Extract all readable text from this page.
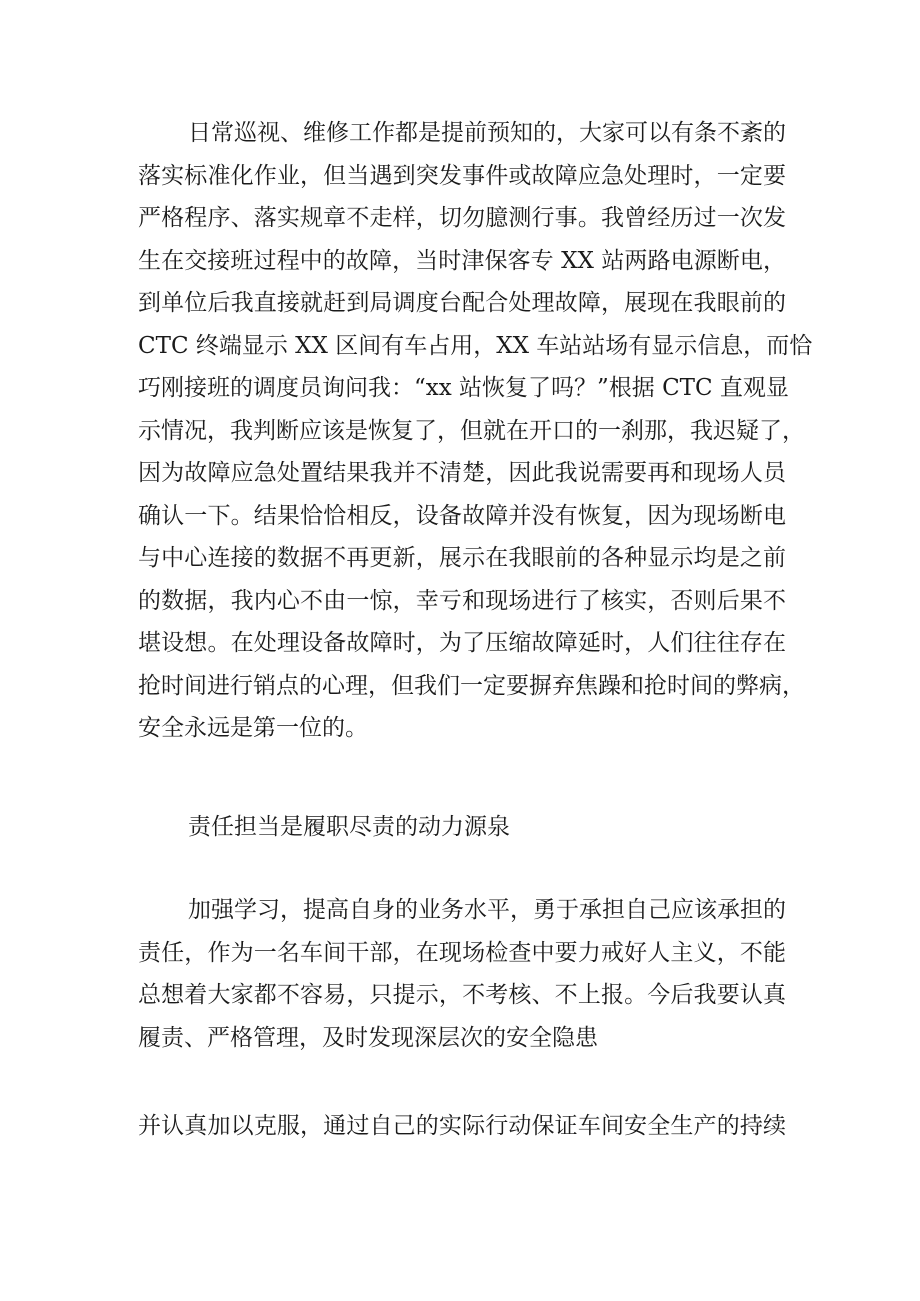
日常巡视、维修工作都是提前预知的，大家可以有条不紊的
落实标准化作业，但当遇到突发事件或故障应急处理时，一定要
严格程序、落实规章不走样，切勿臆测行事。我曾经历过一次发
生在交接班过程中的故障，当时津保客专 XX 站两路电源断电，
到单位后我直接就赶到局调度台配合处理故障，展现在我眼前的
CTC 终端显示 XX 区间有车占用，XX 车站站场有显示信息，而恰
巧刚接班的调度员询问我：“xx 站恢复了吗？”根据 CTC 直观显
示情况，我判断应该是恢复了，但就在开口的一刹那，我迟疑了，
因为故障应急处置结果我并不清楚，因此我说需要再和现场人员
确认一下。结果恰恰相反，设备故障并没有恢复，因为现场断电
与中心连接的数据不再更新，展示在我眼前的各种显示均是之前
的数据，我内心不由一惊，幸亏和现场进行了核实，否则后果不
堪设想。在处理设备故障时，为了压缩故障延时，人们往往存在
抢时间进行销点的心理，但我们一定要摒弃焦躁和抢时间的弊病，
安全永远是第一位的。
责任担当是履职尽责的动力源泉
加强学习，提高自身的业务水平，勇于承担自己应该承担的
责任，作为一名车间干部，在现场检查中要力戒好人主义，不能
总想着大家都不容易，只提示，不考核、不上报。今后我要认真
履责、严格管理，及时发现深层次的安全隐患
并认真加以克服，通过自己的实际行动保证车间安全生产的持续
